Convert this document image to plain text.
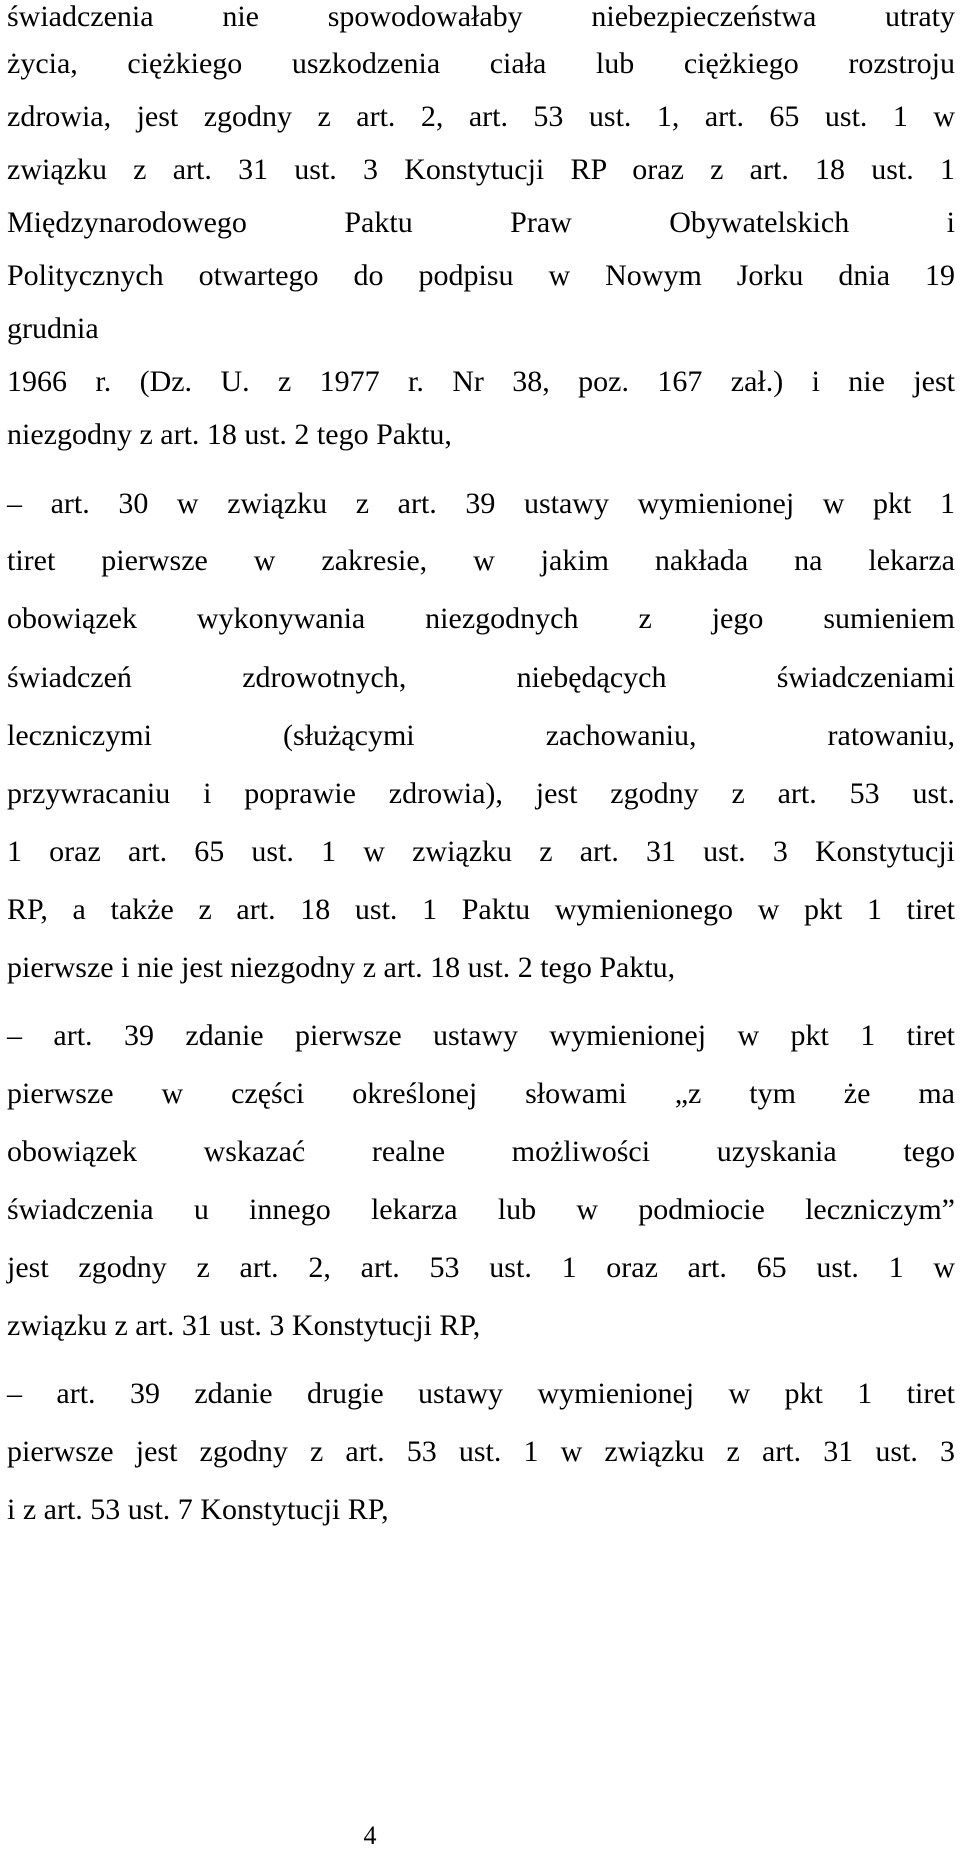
świadczenia nie spowodowałaby niebezpieczeństwa utraty
życia, ciężkiego uszkodzenia ciała lub ciężkiego rozstroju
zdrowia, jest zgodny z art. 2, art. 53 ust. 1, art. 65 ust. 1 w
związku z art. 31 ust. 3 Konstytucji RP oraz z art. 18 ust. 1
Międzynarodowego Paktu Praw Obywatelskich i
Politycznych otwartego do podpisu w Nowym Jorku dnia 19
grudnia
1966 r. (Dz. U. z 1977 r. Nr 38, poz. 167 zał.) i nie jest
niezgodny z art. 18 ust. 2 tego Paktu,
– art. 30 w związku z art. 39 ustawy wymienionej w pkt 1
tiret pierwsze w zakresie, w jakim nakłada na lekarza
obowiązek wykonywania niezgodnych z jego sumieniem
świadczeń zdrowotnych, niebędących świadczeniami
leczniczymi (służącymi zachowaniu, ratowaniu,
przywracaniu i poprawie zdrowia), jest zgodny z art. 53 ust.
1 oraz art. 65 ust. 1 w związku z art. 31 ust. 3 Konstytucji
RP, a także z art. 18 ust. 1 Paktu wymienionego w pkt 1 tiret
pierwsze i nie jest niezgodny z art. 18 ust. 2 tego Paktu,
– art. 39 zdanie pierwsze ustawy wymienionej w pkt 1 tiret
pierwsze w części określonej słowami „z tym że ma
obowiązek wskazać realne możliwości uzyskania tego
świadczenia u innego lekarza lub w podmiocie leczniczym”
jest zgodny z art. 2, art. 53 ust. 1 oraz art. 65 ust. 1 w
związku z art. 31 ust. 3 Konstytucji RP,
– art. 39 zdanie drugie ustawy wymienionej w pkt 1 tiret
pierwsze jest zgodny z art. 53 ust. 1 w związku z art. 31 ust. 3
i z art. 53 ust. 7 Konstytucji RP,
4
